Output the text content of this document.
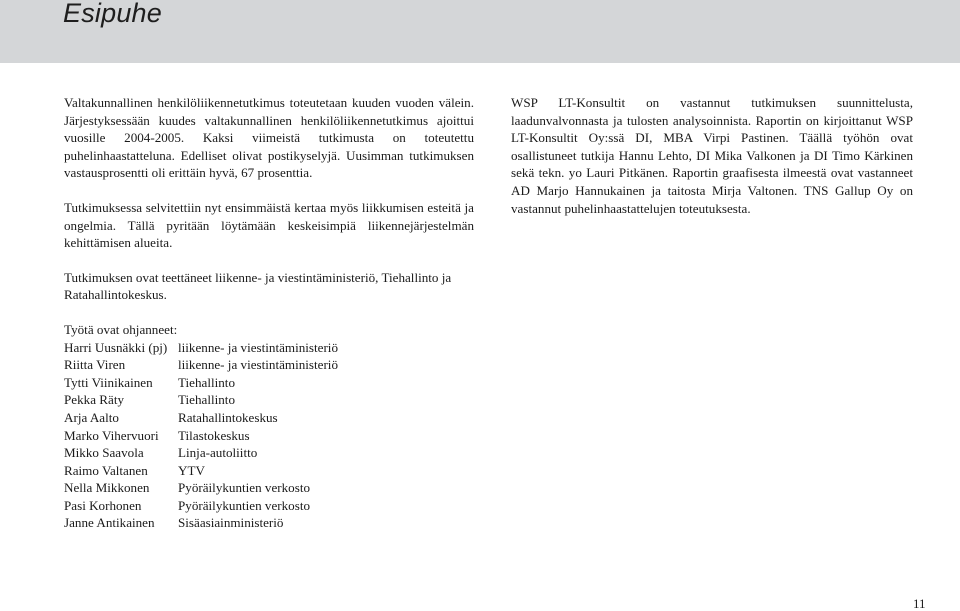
Esipuhe

Valtakunnallinen henkilöliikennetutkimus toteutetaan kuuden vuoden välein. Järjestyksessään kuudes valtakunnallinen henkilöliikennetutkimus ajoittui vuosille 2004-2005. Kaksi viimeistä tutkimusta on toteutettu puhelinhaastatteluna. Edelliset olivat postikyselyjä. Uusimman tutkimuksen vastausprosentti oli erittäin hyvä, 67 prosenttia.

Tutkimuksessa selvitettiin nyt ensimmäistä kertaa myös liikkumisen esteitä ja ongelmia. Tällä pyritään löytämään keskeisimpiä liikennejärjestelmän kehittämisen alueita.

Tutkimuksen ovat teettäneet liikenne- ja viestintäministeriö, Tiehallinto ja Ratahallintokeskus.

Työtä ovat ohjanneet:
Harri Uusnäkki (pj)	liikenne- ja viestintäministeriö
Riitta Viren	liikenne- ja viestintäministeriö
Tytti Viinikainen	Tiehallinto
Pekka Räty	Tiehallinto
Arja Aalto	Ratahallintokeskus
Marko Vihervuori	Tilastokeskus
Mikko Saavola	Linja-autoliitto
Raimo Valtanen	YTV
Nella Mikkonen	Pyöräilykuntien verkosto
Pasi Korhonen	Pyöräilykuntien verkosto
Janne Antikainen	Sisäasiainministeriö

WSP LT-Konsultit on vastannut tutkimuksen suunnittelusta, laadunvalvonnasta ja tulosten analysoinnista. Raportin on kirjoittanut WSP LT-Konsultit Oy:ssä DI, MBA Virpi Pastinen. Täällä työhön ovat osallistuneet tutkija Hannu Lehto, DI Mika Valkonen ja DI Timo Kärkinen sekä tekn. yo Lauri Pitkänen. Raportin graafisesta ilmeestä ovat vastanneet AD Marjo Hannukainen ja taitosta Mirja Valtonen. TNS Gallup Oy on vastannut puhelinhaastattelujen toteutuksesta.

11
